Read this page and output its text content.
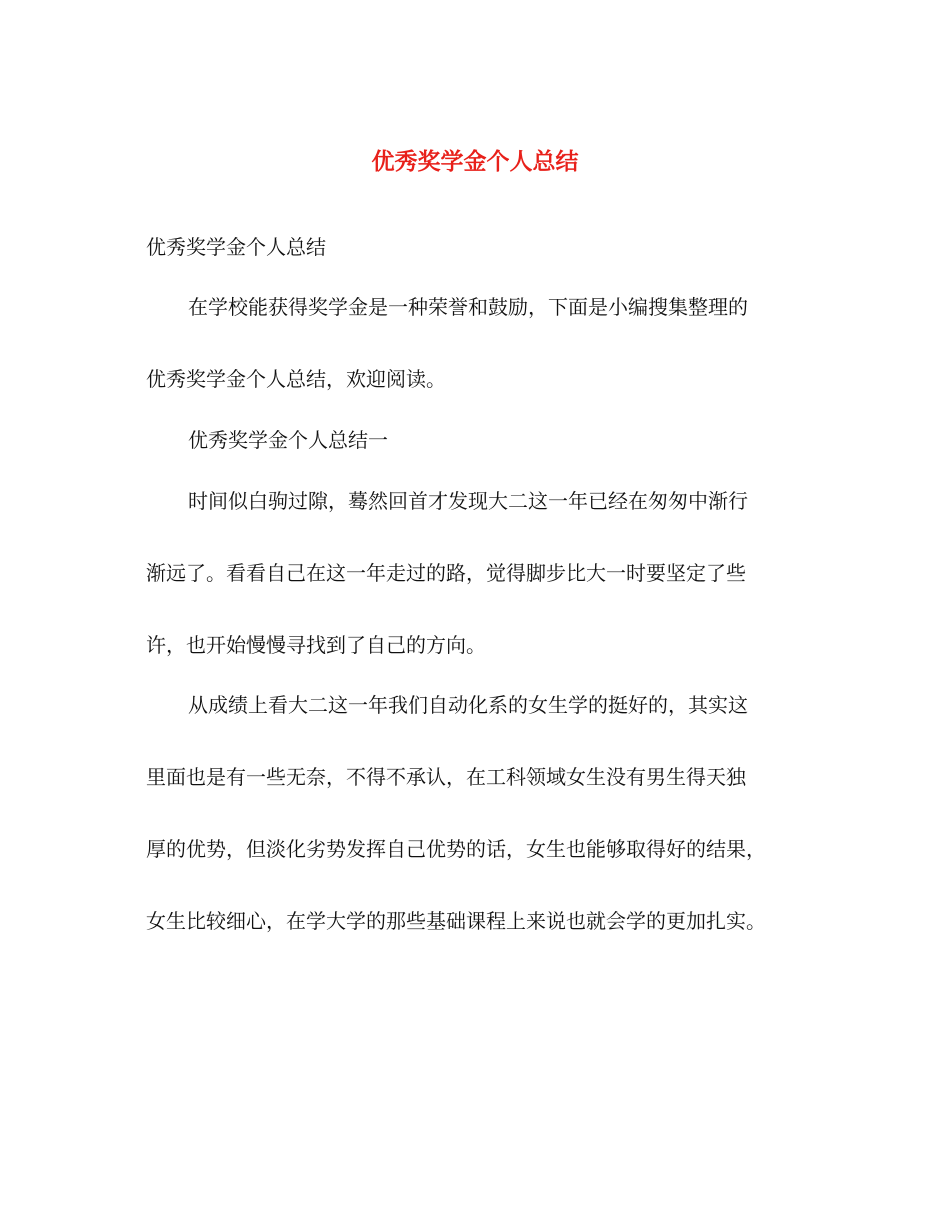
优秀奖学金个人总结
优秀奖学金个人总结
在学校能获得奖学金是一种荣誉和鼓励，下面是小编搜集整理的
优秀奖学金个人总结，欢迎阅读。
优秀奖学金个人总结一
时间似白驹过隙，蓦然回首才发现大二这一年已经在匆匆中渐行
渐远了。看看自己在这一年走过的路，觉得脚步比大一时要坚定了些
许，也开始慢慢寻找到了自己的方向。
从成绩上看大二这一年我们自动化系的女生学的挺好的，其实这
里面也是有一些无奈，不得不承认，在工科领域女生没有男生得天独
厚的优势，但淡化劣势发挥自己优势的话，女生也能够取得好的结果，
女生比较细心，在学大学的那些基础课程上来说也就会学的更加扎实。
